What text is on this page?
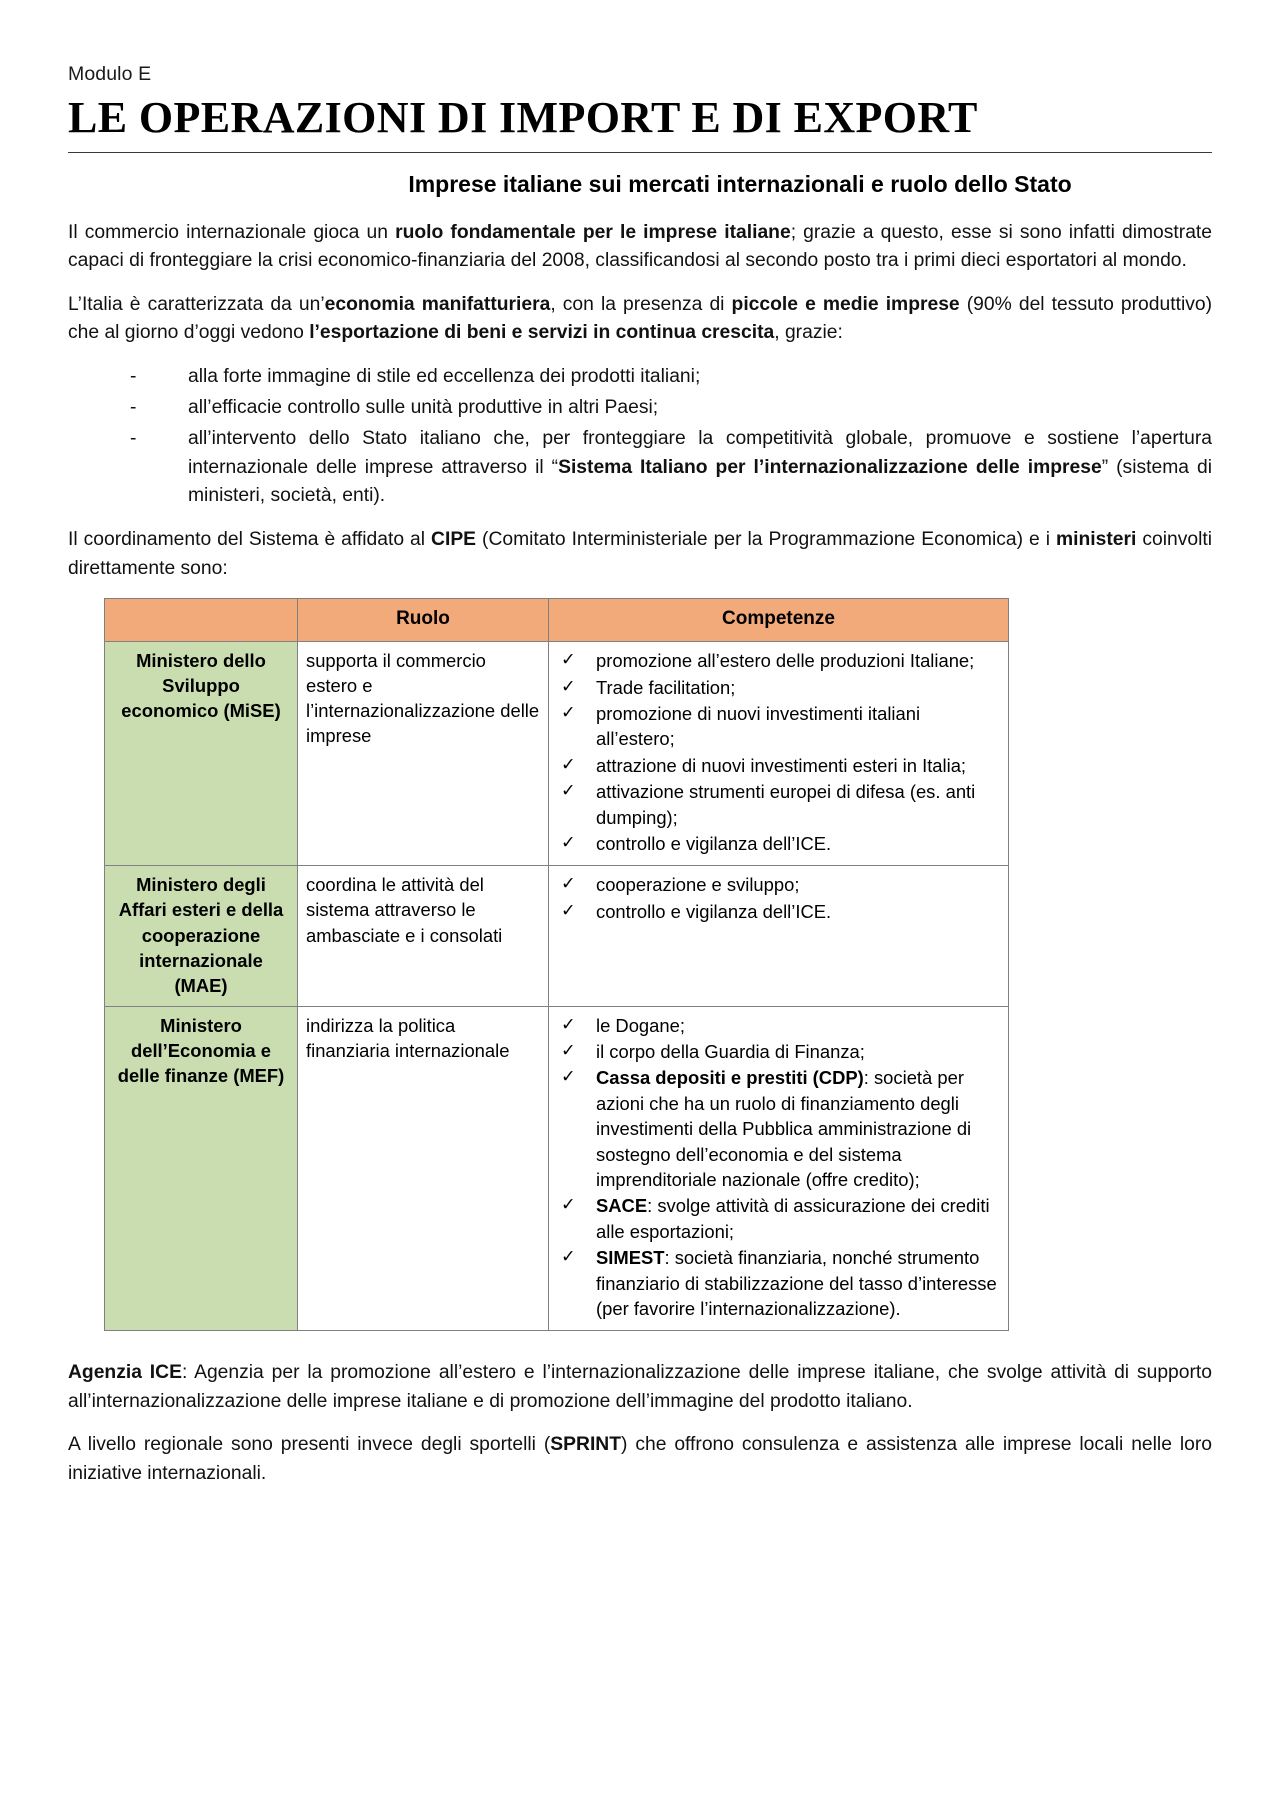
Modulo E
LE OPERAZIONI DI IMPORT E DI EXPORT
Imprese italiane sui mercati internazionali e ruolo dello Stato

Il commercio internazionale gioca un ruolo fondamentale per le imprese italiane; grazie a questo, esse si sono infatti dimostrate capaci di fronteggiare la crisi economico-finanziaria del 2008, classificandosi al secondo posto tra i primi dieci esportatori al mondo.

L’Italia è caratterizzata da un’economia manifatturiera, con la presenza di piccole e medie imprese (90% del tessuto produttivo) che al giorno d’oggi vedono l’esportazione di beni e servizi in continua crescita, grazie:

-	alla forte immagine di stile ed eccellenza dei prodotti italiani;
-	all’efficacie controllo sulle unità produttive in altri Paesi;
-	all’intervento dello Stato italiano che, per fronteggiare la competitività globale, promuove e sostiene l’apertura internazionale delle imprese attraverso il “Sistema Italiano per l’internazionalizzazione delle imprese” (sistema di ministeri, società, enti).

Il coordinamento del Sistema è affidato al CIPE (Comitato Interministeriale per la Programmazione Economica) e i ministeri coinvolti direttamente sono:

	Ruolo	Competenze
Ministero dello Sviluppo economico (MiSE)	supporta il commercio estero e l’internazionalizzazione delle imprese	
✓ promozione all’estero delle produzioni Italiane;
✓ Trade facilitation;
✓ promozione di nuovi investimenti italiani all’estero;
✓ attrazione di nuovi investimenti esteri in Italia;
✓ attivazione strumenti europei di difesa (es. anti dumping);
✓ controllo e vigilanza dell’ICE.

Ministero degli Affari esteri e della cooperazione internazionale (MAE)	coordina le attività del sistema attraverso le ambasciate e i consolati	
✓ cooperazione e sviluppo;
✓ controllo e vigilanza dell’ICE.

Ministero dell’Economia e delle finanze (MEF)	indirizza la politica finanziaria internazionale	
✓ le Dogane;
✓ il corpo della Guardia di Finanza;
✓ Cassa depositi e prestiti (CDP): società per azioni che ha un ruolo di finanziamento degli investimenti della Pubblica amministrazione di sostegno dell’economia e del sistema imprenditoriale nazionale (offre credito);
✓ SACE: svolge attività di assicurazione dei crediti alle esportazioni;
✓ SIMEST: società finanziaria, nonché strumento finanziario di stabilizzazione del tasso d’interesse (per favorire l’internazionalizzazione).

Agenzia ICE: Agenzia per la promozione all’estero e l’internazionalizzazione delle imprese italiane, che svolge attività di supporto all’internazionalizzazione delle imprese italiane e di promozione dell’immagine del prodotto italiano.

A livello regionale sono presenti invece degli sportelli (SPRINT) che offrono consulenza e assistenza alle imprese locali nelle loro iniziative internazionali.
